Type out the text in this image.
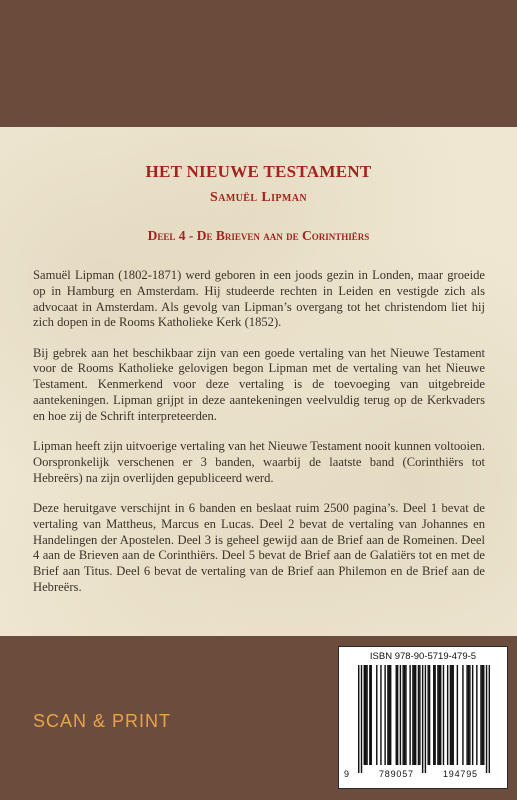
HET NIEUWE TESTAMENT
Samuël Lipman
Deel 4 - De Brieven aan de Corinthiërs

Samuël Lipman (1802-1871) werd geboren in een joods gezin in Londen, maar groeide op in Hamburg en Amsterdam. Hij studeerde rechten in Leiden en vestigde zich als advocaat in Amsterdam. Als gevolg van Lipman’s overgang tot het christendom liet hij zich dopen in de Rooms Katholieke Kerk (1852).

Bij gebrek aan het beschikbaar zijn van een goede vertaling van het Nieuwe Testament voor de Rooms Katholieke gelovigen begon Lipman met de vertaling van het Nieuwe Testament. Kenmerkend voor deze vertaling is de toevoeging van uitgebreide aantekeningen. Lipman grijpt in deze aantekeningen veelvuldig terug op de Kerkvaders en hoe zij de Schrift interpreteerden.

Lipman heeft zijn uitvoerige vertaling van het Nieuwe Testament nooit kunnen voltooien. Oorspronkelijk verschenen er 3 banden, waarbij de laatste band (Corinthiërs tot Hebreërs) na zijn overlijden gepubliceerd werd.

Deze heruitgave verschijnt in 6 banden en beslaat ruim 2500 pagina’s. Deel 1 bevat de vertaling van Mattheus, Marcus en Lucas. Deel 2 bevat de vertaling van Johannes en Handelingen der Apostelen. Deel 3 is geheel gewijd aan de Brief aan de Romeinen. Deel 4 aan de Brieven aan de Corinthiërs. Deel 5 bevat de Brief aan de Galatiërs tot en met de Brief aan Titus. Deel 6 bevat de vertaling van de Brief aan Philemon en de Brief aan de Hebreërs.

SCAN & PRINT
ISBN 978-90-5719-479-5
9	789057	194795
